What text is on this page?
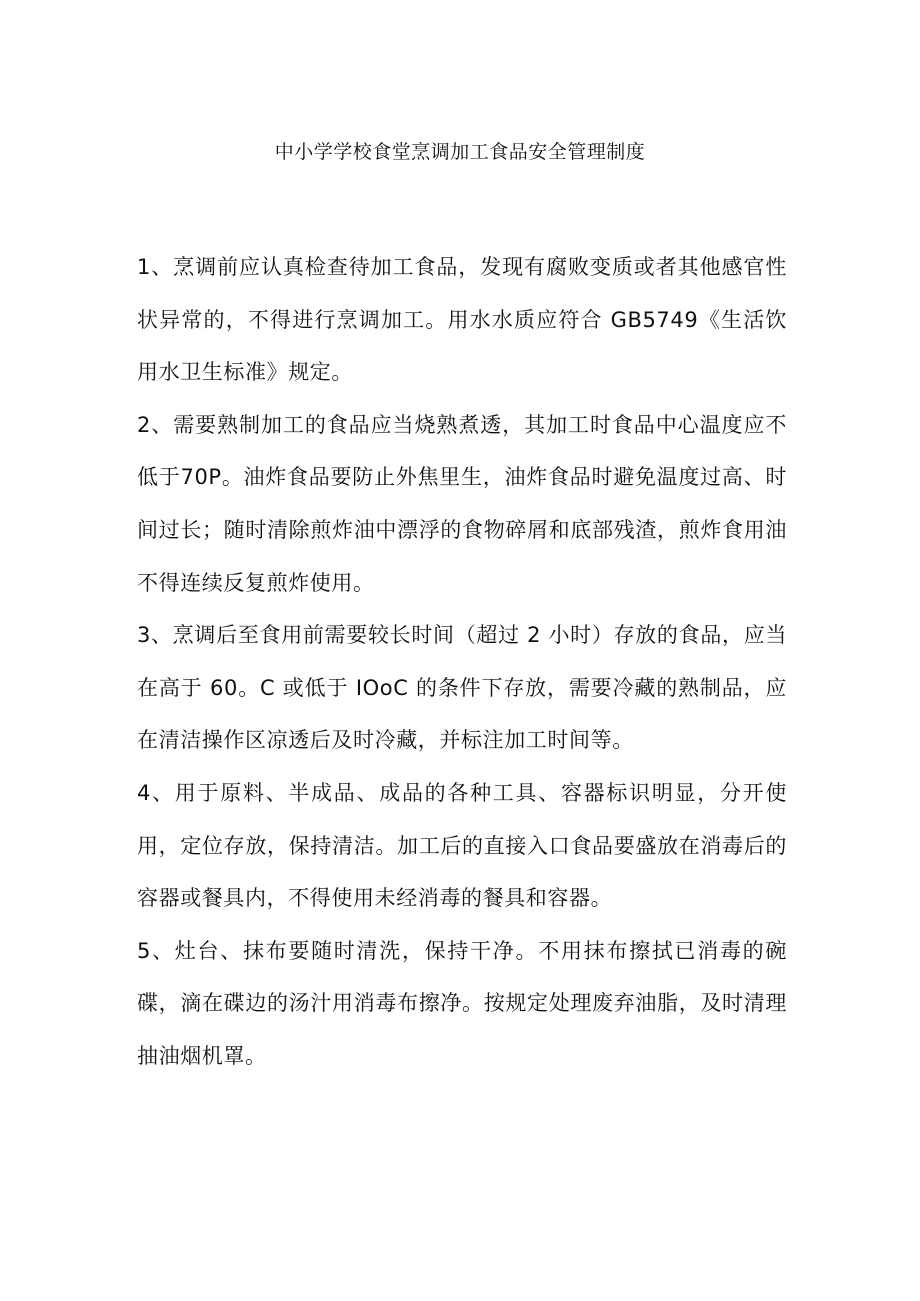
中小学学校食堂烹调加工食品安全管理制度

1、烹调前应认真检查待加工食品，发现有腐败变质或者其他感官性状异常的，不得进行烹调加工。用水水质应符合 GB5749《生活饮用水卫生标准》规定。

2、需要熟制加工的食品应当烧熟煮透，其加工时食品中心温度应不低于70P。油炸食品要防止外焦里生，油炸食品时避免温度过高、时间过长；随时清除煎炸油中漂浮的食物碎屑和底部残渣，煎炸食用油不得连续反复煎炸使用。

3、烹调后至食用前需要较长时间（超过 2 小时）存放的食品，应当在高于 60。C 或低于 IOoC 的条件下存放，需要冷藏的熟制品，应在清洁操作区凉透后及时冷藏，并标注加工时间等。

4、用于原料、半成品、成品的各种工具、容器标识明显，分开使用，定位存放，保持清洁。加工后的直接入口食品要盛放在消毒后的容器或餐具内，不得使用未经消毒的餐具和容器。

5、灶台、抹布要随时清洗，保持干净。不用抹布擦拭已消毒的碗碟，滴在碟边的汤汁用消毒布擦净。按规定处理废弃油脂，及时清理抽油烟机罩。
